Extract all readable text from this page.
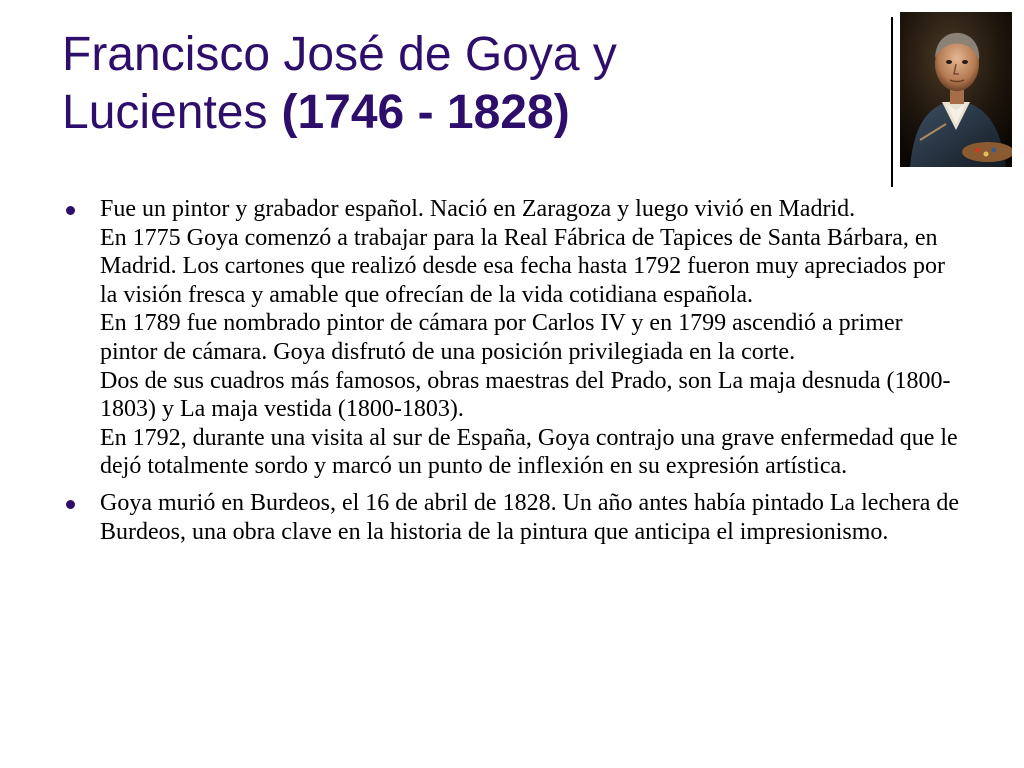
Francisco José de Goya y
Lucientes (1746 - 1828)
Fue un pintor y grabador español. Nació en Zaragoza y luego vivió en Madrid.
En 1775 Goya comenzó a trabajar para la Real Fábrica de Tapices de Santa Bárbara, en Madrid. Los cartones que realizó desde esa fecha hasta 1792 fueron muy apreciados por la visión fresca y amable que ofrecían de la vida cotidiana española.
En 1789 fue nombrado pintor de cámara por Carlos IV y en 1799 ascendió a primer pintor de cámara. Goya disfrutó de una posición privilegiada en la corte.
Dos de sus cuadros más famosos, obras maestras del Prado, son La maja desnuda (1800-1803) y La maja vestida (1800-1803).
En 1792, durante una visita al sur de España, Goya contrajo una grave enfermedad que le dejó totalmente sordo y marcó un punto de inflexión en su expresión artística.
Goya murió en Burdeos, el 16 de abril de 1828. Un año antes había pintado La lechera de Burdeos, una obra clave en la historia de la pintura que anticipa el impresionismo.
